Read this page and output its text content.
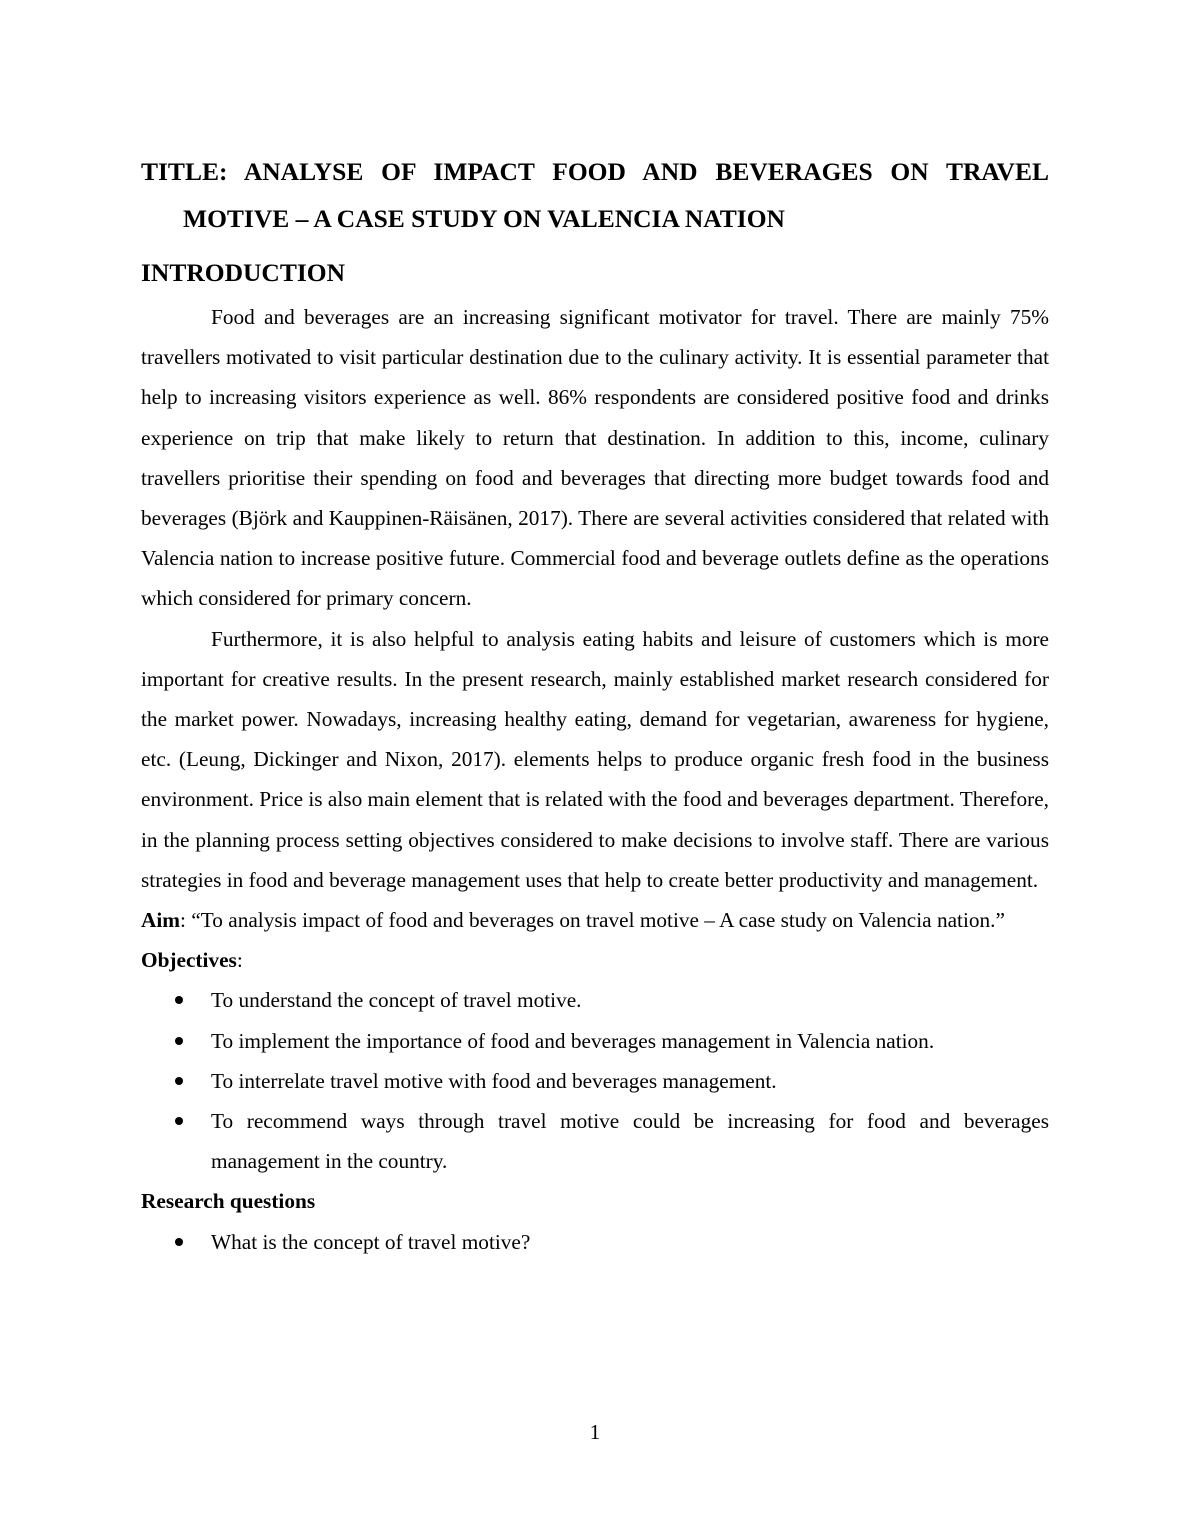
TITLE: ANALYSE OF IMPACT FOOD AND BEVERAGES ON TRAVEL
MOTIVE – A CASE STUDY ON VALENCIA NATION
INTRODUCTION

Food and beverages are an increasing significant motivator for travel. There are mainly 75% travellers motivated to visit particular destination due to the culinary activity. It is essential parameter that help to increasing visitors experience as well. 86% respondents are considered positive food and drinks experience on trip that make likely to return that destination. In addition to this, income, culinary travellers prioritise their spending on food and beverages that directing more budget towards food and beverages (Björk and Kauppinen-Räisänen, 2017). There are several activities considered that related with Valencia nation to increase positive future. Commercial food and beverage outlets define as the operations which considered for primary concern.

Furthermore, it is also helpful to analysis eating habits and leisure of customers which is more important for creative results. In the present research, mainly established market research considered for the market power. Nowadays, increasing healthy eating, demand for vegetarian, awareness for hygiene, etc. (Leung, Dickinger and Nixon, 2017). elements helps to produce organic fresh food in the business environment. Price is also main element that is related with the food and beverages department. Therefore, in the planning process setting objectives considered to make decisions to involve staff. There are various strategies in food and beverage management uses that help to create better productivity and management.

Aim: “To analysis impact of food and beverages on travel motive – A case study on Valencia nation.”

Objectives:

To understand the concept of travel motive.
To implement the importance of food and beverages management in Valencia nation.
To interrelate travel motive with food and beverages management.
To recommend ways through travel motive could be increasing for food and beverages management in the country.

Research questions

What is the concept of travel motive?
1
